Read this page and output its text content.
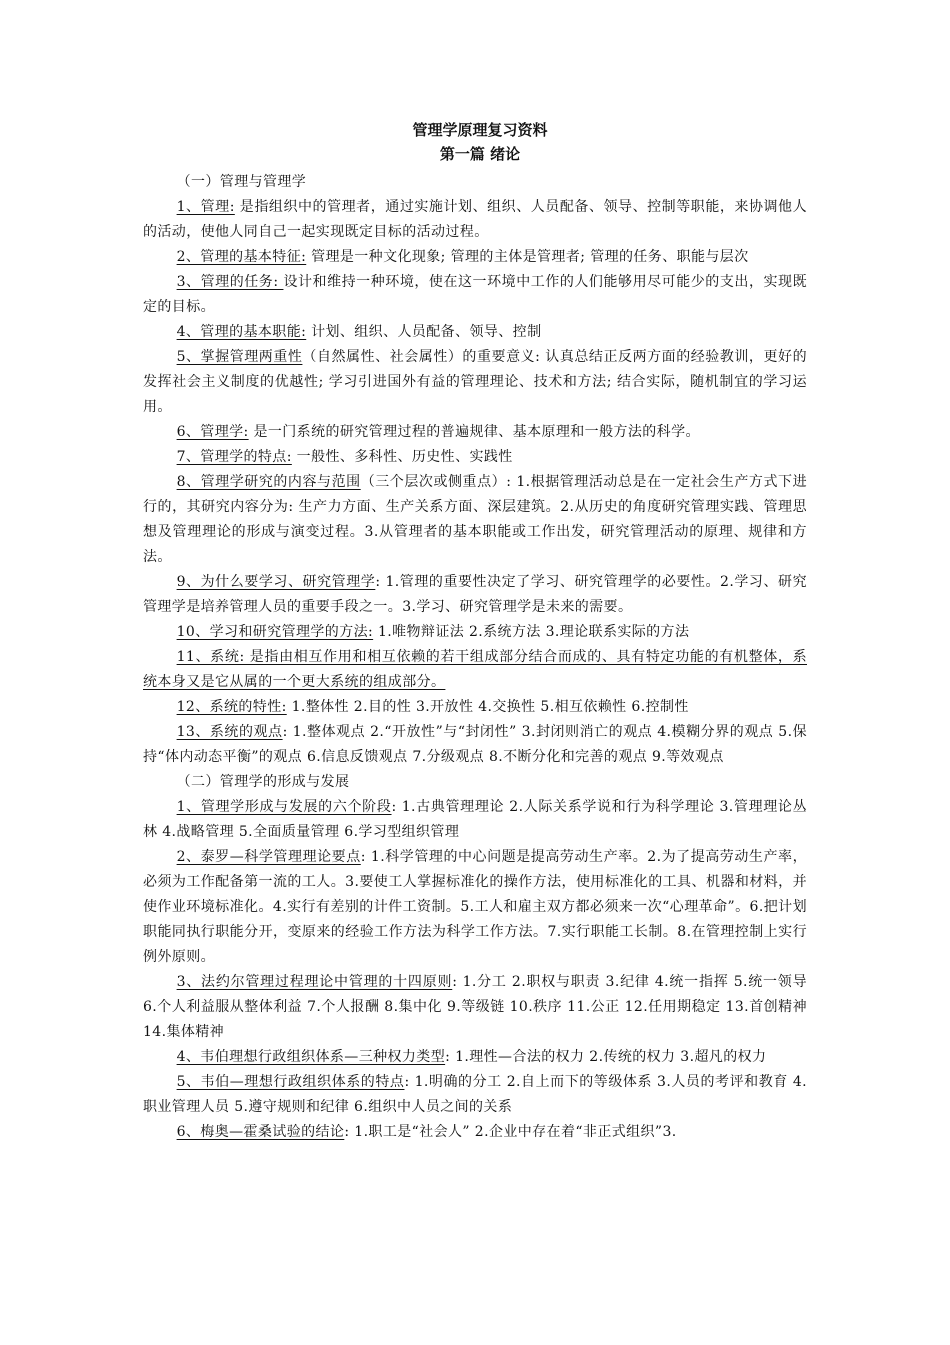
管理学原理复习资料
第一篇 绪论

（一）管理与管理学

1、管理: 是指组织中的管理者，通过实施计划、组织、人员配备、领导、控制等职能，来协调他人的活动，使他人同自己一起实现既定目标的活动过程。

2、管理的基本特征: 管理是一种文化现象; 管理的主体是管理者; 管理的任务、职能与层次

3、管理的任务: 设计和维持一种环境，使在这一环境中工作的人们能够用尽可能少的支出，实现既定的目标。

4、管理的基本职能: 计划、组织、人员配备、领导、控制

5、掌握管理两重性（自然属性、社会属性）的重要意义: 认真总结正反两方面的经验教训，更好的发挥社会主义制度的优越性; 学习引进国外有益的管理理论、技术和方法; 结合实际，随机制宜的学习运用。

6、管理学: 是一门系统的研究管理过程的普遍规律、基本原理和一般方法的科学。

7、管理学的特点: 一般性、多科性、历史性、实践性

8、管理学研究的内容与范围（三个层次或侧重点）: 1.根据管理活动总是在一定社会生产方式下进行的，其研究内容分为: 生产力方面、生产关系方面、深层建筑。2.从历史的角度研究管理实践、管理思想及管理理论的形成与演变过程。3.从管理者的基本职能或工作出发，研究管理活动的原理、规律和方法。

9、为什么要学习、研究管理学: 1.管理的重要性决定了学习、研究管理学的必要性。2.学习、研究管理学是培养管理人员的重要手段之一。3.学习、研究管理学是未来的需要。

10、学习和研究管理学的方法: 1.唯物辩证法 2.系统方法 3.理论联系实际的方法

11、系统: 是指由相互作用和相互依赖的若干组成部分结合而成的、具有特定功能的有机整体，系统本身又是它从属的一个更大系统的组成部分。

12、系统的特性: 1.整体性 2.目的性 3.开放性 4.交换性 5.相互依赖性 6.控制性

13、系统的观点: 1.整体观点 2.“开放性”与“封闭性” 3.封闭则消亡的观点 4.模糊分界的观点 5.保持“体内动态平衡”的观点 6.信息反馈观点 7.分级观点 8.不断分化和完善的观点 9.等效观点

（二）管理学的形成与发展

1、管理学形成与发展的六个阶段: 1.古典管理理论 2.人际关系学说和行为科学理论 3.管理理论丛林 4.战略管理 5.全面质量管理 6.学习型组织管理

2、泰罗—科学管理理论要点: 1.科学管理的中心问题是提高劳动生产率。2.为了提高劳动生产率，必须为工作配备第一流的工人。3.要使工人掌握标准化的操作方法，使用标准化的工具、机器和材料，并使作业环境标准化。4.实行有差别的计件工资制。5.工人和雇主双方都必须来一次“心理革命”。6.把计划职能同执行职能分开，变原来的经验工作方法为科学工作方法。7.实行职能工长制。8.在管理控制上实行例外原则。

3、法约尔管理过程理论中管理的十四原则: 1.分工 2.职权与职责 3.纪律 4.统一指挥 5.统一领导 6.个人利益服从整体利益 7.个人报酬 8.集中化 9.等级链 10.秩序 11.公正 12.任用期稳定 13.首创精神 14.集体精神

4、韦伯理想行政组织体系—三种权力类型: 1.理性—合法的权力 2.传统的权力 3.超凡的权力

5、韦伯—理想行政组织体系的特点: 1.明确的分工 2.自上而下的等级体系 3.人员的考评和教育 4.职业管理人员 5.遵守规则和纪律 6.组织中人员之间的关系

6、梅奥—霍桑试验的结论: 1.职工是“社会人” 2.企业中存在着“非正式组织”3.
